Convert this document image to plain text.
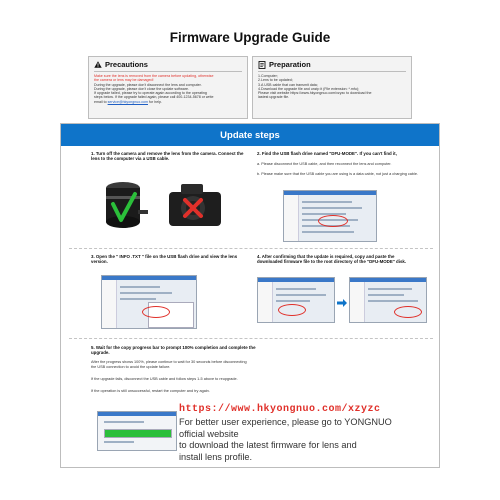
Firmware Upgrade Guide
Precautions
Make sure the lens is removed from the camera before updating, otherwise
the camera or lens may be damaged!
During the upgrade, please don't disconnect the lens and computer.
During the upgrade, please don't close the update software.
If upgrade failed, please try to operate again according to the operating
steps below. If the upgrade failed again, please call 400-1234-5678 or write
email to service@hkyongnuo.com for help.
Preparation
1.Computer;
2.Lens to be updated;
3.A USB cable that can transmit data;
4.Download the upgrade file and unzip it (File extension: *.mfu);
Please visit website https://www.hkyongnuo.com/xzyzc to download the
lastest upgrade file.
Update steps
1. Turn off the camera and remove the lens from the camera. Connect the lens to the computer via a USB cable.
2. Find the USB flash drive named "DFU-MODE". If you can't find it,
a. Please disconnect the USB cable, and then reconnect the lens and computer.
b. Please make sure that the USB cable you are using is a data cable, not just a charging cable.
3. Open the " INFO .TXT " file on the USB flash drive and view the lens version.
4. After confirming that the update is required, copy and paste the downloaded firmware file to the root directory of the "DFU-MODE" disk.
5. Wait for the copy progress bar to prompt 100% completion and complete the upgrade.
After the progress shows 100%, please continue to wait for 30 seconds before disconnecting the USB connection to avoid the update failure.
If the upgrade fails, disconnect the USB cable and follow steps 1-5 above to reupgrade.
If the operation is still unsuccessful, restart the computer and try again.
https://www.hkyongnuo.com/xzyzc
For better user experience, please go to YONGNUO
official website
to download the latest firmware for lens and
install lens profile.
